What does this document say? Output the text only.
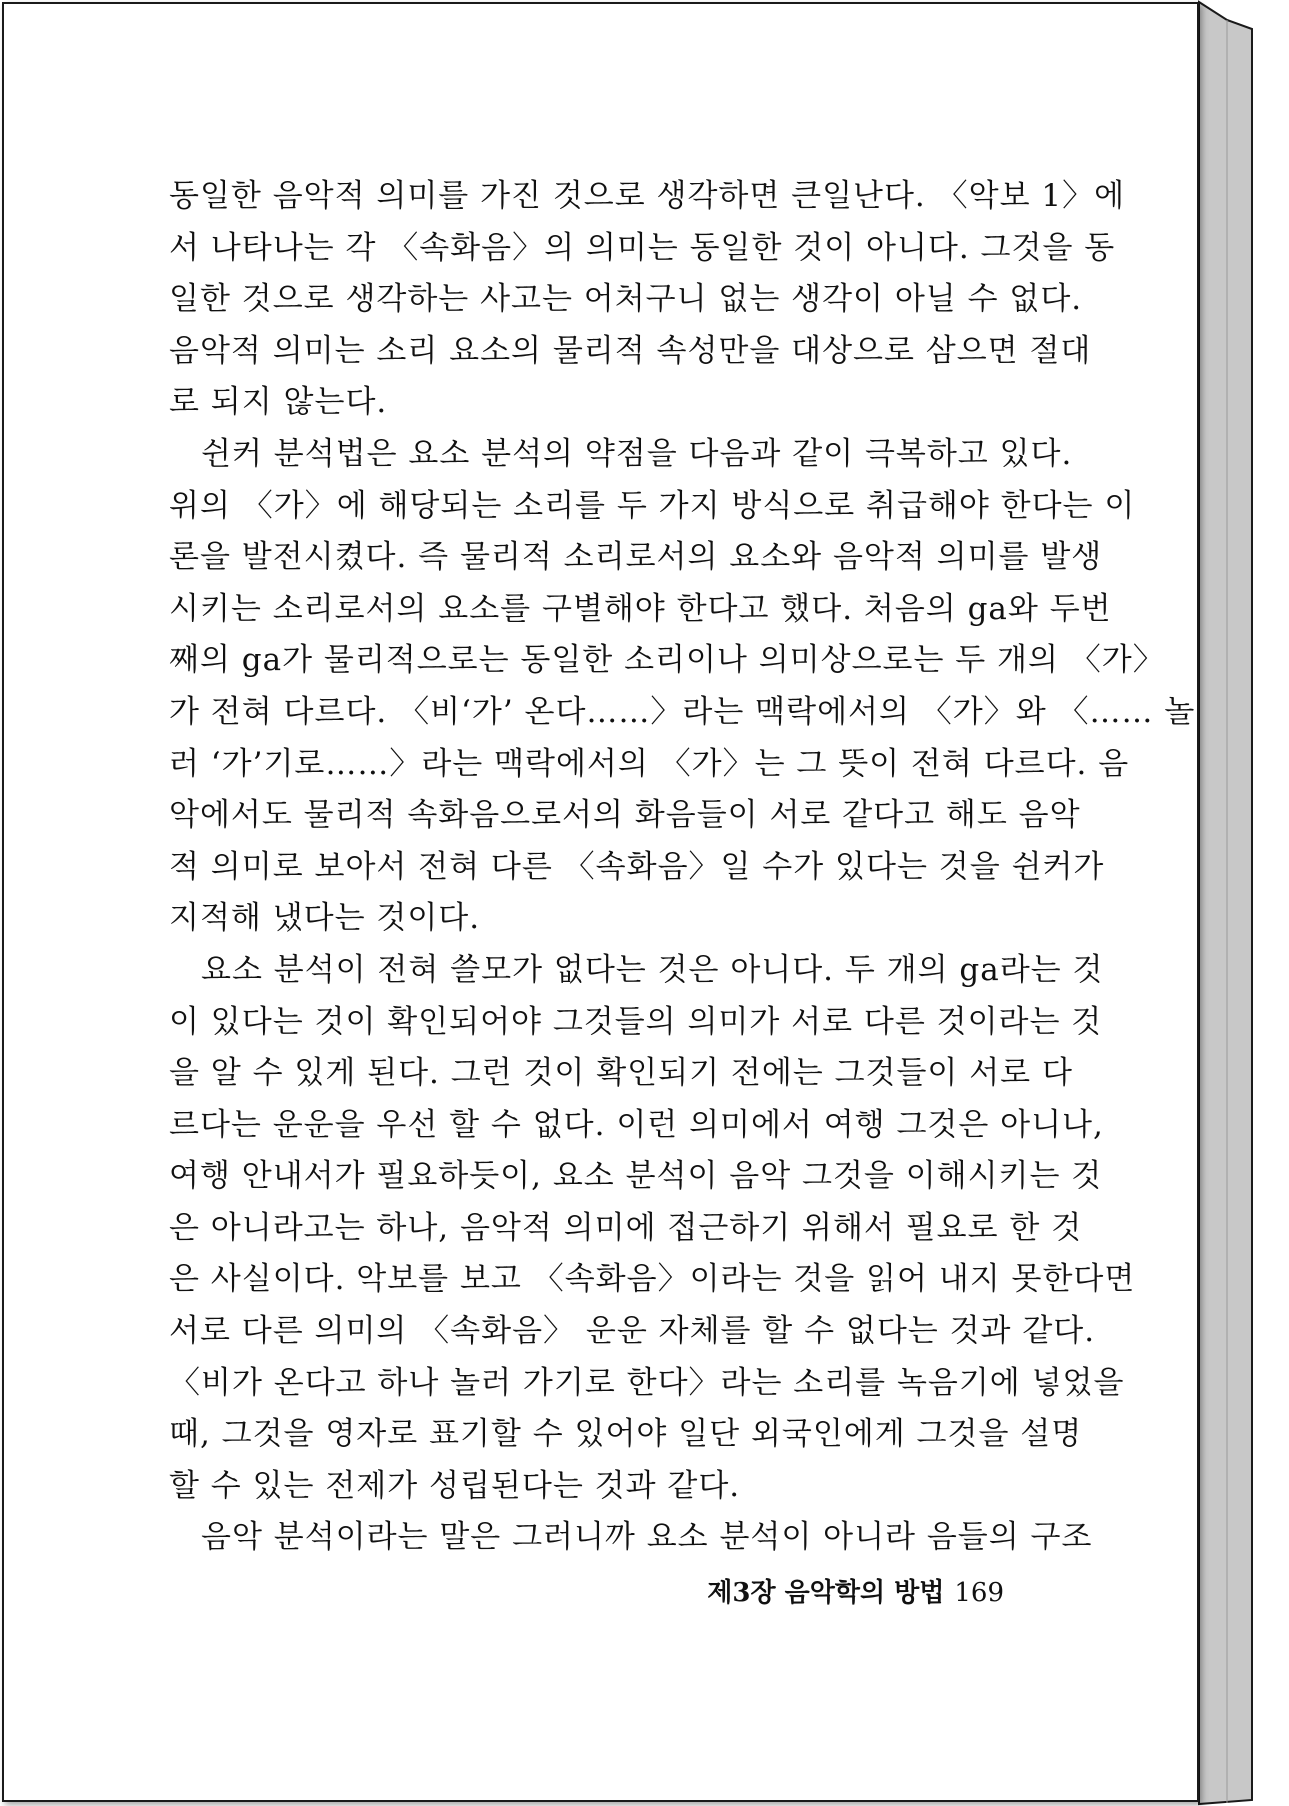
동일한 음악적 의미를 가진 것으로 생각하면 큰일난다. 〈악보 1〉에
서 나타나는 각 〈속화음〉의 의미는 동일한 것이 아니다. 그것을 동
일한 것으로 생각하는 사고는 어처구니 없는 생각이 아닐 수 없다.
음악적 의미는 소리 요소의 물리적 속성만을 대상으로 삼으면 절대
로 되지 않는다.
　쉰커 분석법은 요소 분석의 약점을 다음과 같이 극복하고 있다.
위의 〈가〉에 해당되는 소리를 두 가지 방식으로 취급해야 한다는 이
론을 발전시켰다. 즉 물리적 소리로서의 요소와 음악적 의미를 발생
시키는 소리로서의 요소를 구별해야 한다고 했다. 처음의 ga와 두번
째의 ga가 물리적으로는 동일한 소리이나 의미상으로는 두 개의 〈가〉
가 전혀 다르다. 〈비‘가’ 온다……〉라는 맥락에서의 〈가〉와 〈…… 놀
러 ‘가’기로……〉라는 맥락에서의 〈가〉는 그 뜻이 전혀 다르다. 음
악에서도 물리적 속화음으로서의 화음들이 서로 같다고 해도 음악
적 의미로 보아서 전혀 다른 〈속화음〉일 수가 있다는 것을 쉰커가
지적해 냈다는 것이다.
　요소 분석이 전혀 쓸모가 없다는 것은 아니다. 두 개의 ga라는 것
이 있다는 것이 확인되어야 그것들의 의미가 서로 다른 것이라는 것
을 알 수 있게 된다. 그런 것이 확인되기 전에는 그것들이 서로 다
르다는 운운을 우선 할 수 없다. 이런 의미에서 여행 그것은 아니나,
여행 안내서가 필요하듯이, 요소 분석이 음악 그것을 이해시키는 것
은 아니라고는 하나, 음악적 의미에 접근하기 위해서 필요로 한 것
은 사실이다. 악보를 보고 〈속화음〉이라는 것을 읽어 내지 못한다면
서로 다른 의미의 〈속화음〉 운운 자체를 할 수 없다는 것과 같다.
〈비가 온다고 하나 놀러 가기로 한다〉라는 소리를 녹음기에 넣었을
때, 그것을 영자로 표기할 수 있어야 일단 외국인에게 그것을 설명
할 수 있는 전제가 성립된다는 것과 같다.
　음악 분석이라는 말은 그러니까 요소 분석이 아니라 음들의 구조
제3장 음악학의 방법 169
